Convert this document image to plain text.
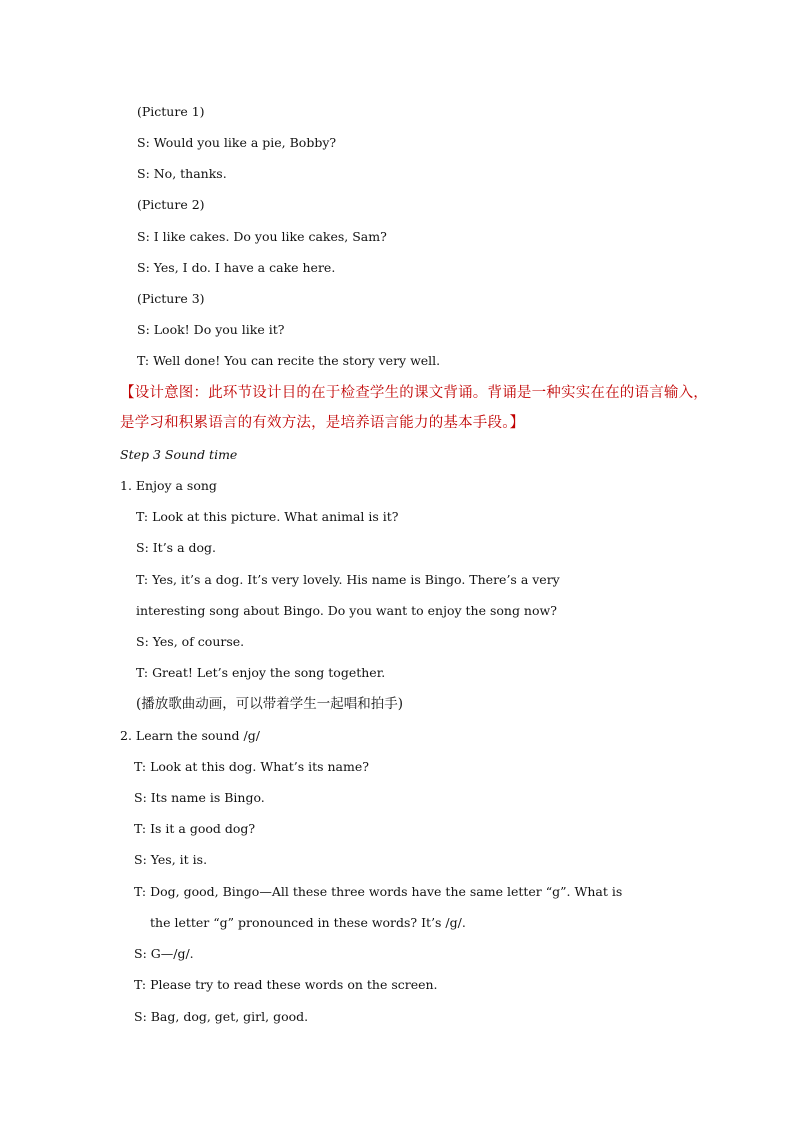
(Picture 1)
S: Would you like a pie, Bobby?
S: No, thanks.
(Picture 2)
S: I like cakes. Do you like cakes, Sam?
S: Yes, I do. I have a cake here.
(Picture 3)
S: Look! Do you like it?
T: Well done! You can recite the story very well.
【设计意图：此环节设计目的在于检查学生的课文背诵。背诵是一种实实在在的语言输入，
是学习和积累语言的有效方法，是培养语言能力的基本手段。】
Step 3 Sound time
1. Enjoy a song
T: Look at this picture. What animal is it?
S: It’s a dog.
T: Yes, it’s a dog. It’s very lovely. His name is Bingo. There’s a very
interesting song about Bingo. Do you want to enjoy the song now?
S: Yes, of course.
T: Great! Let’s enjoy the song together.
(播放歌曲动画，可以带着学生一起唱和拍手)
2. Learn the sound /g/
T: Look at this dog. What’s its name?
S: Its name is Bingo.
T: Is it a good dog?
S: Yes, it is.
T: Dog, good, Bingo—All these three words have the same letter “g”. What is
the letter “g” pronounced in these words? It’s /g/.
S: G—/g/.
T: Please try to read these words on the screen.
S: Bag, dog, get, girl, good.
